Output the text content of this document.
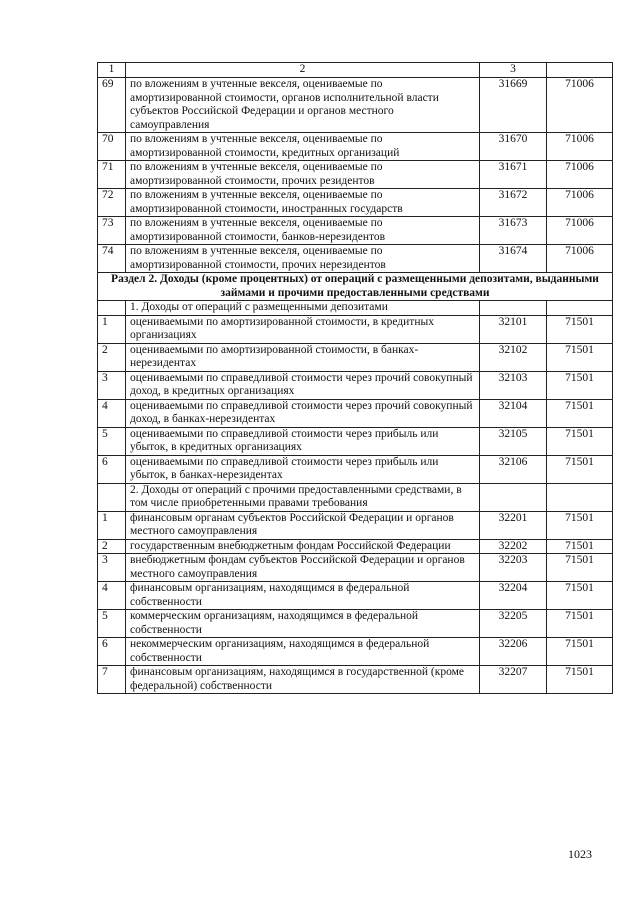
1	2	3	
69	по вложениям в учтенные векселя, оцениваемые по амортизированной стоимости, органов исполнительной власти субъектов Российской Федерации и органов местного самоуправления	31669	71006
70	по вложениям в учтенные векселя, оцениваемые по амортизированной стоимости, кредитных организаций	31670	71006
71	по вложениям в учтенные векселя, оцениваемые по амортизированной стоимости, прочих резидентов	31671	71006
72	по вложениям в учтенные векселя, оцениваемые по амортизированной стоимости, иностранных государств	31672	71006
73	по вложениям в учтенные векселя, оцениваемые по амортизированной стоимости, банков-нерезидентов	31673	71006
74	по вложениям в учтенные векселя, оцениваемые по амортизированной стоимости, прочих нерезидентов	31674	71006
Раздел 2. Доходы (кроме процентных) от операций с размещенными депозитами, выданными займами и прочими предоставленными средствами			
	1. Доходы от операций с размещенными депозитами		
1	оцениваемыми по амортизированной стоимости, в кредитных организациях	32101	71501
2	оцениваемыми по амортизированной стоимости, в банках-нерезидентах	32102	71501
3	оцениваемыми по справедливой стоимости через прочий совокупный доход, в кредитных организациях	32103	71501
4	оцениваемыми по справедливой стоимости через прочий совокупный доход, в банках-нерезидентах	32104	71501
5	оцениваемыми по справедливой стоимости через прибыль или убыток, в кредитных организациях	32105	71501
6	оцениваемыми по справедливой стоимости через прибыль или убыток, в банках-нерезидентах	32106	71501
	2. Доходы от операций с прочими предоставленными средствами, в том числе приобретенными правами требования		
1	финансовым органам субъектов Российской Федерации и органов местного самоуправления	32201	71501
2	государственным внебюджетным фондам Российской Федерации	32202	71501
3	внебюджетным фондам субъектов Российской Федерации и органов местного самоуправления	32203	71501
4	финансовым организациям, находящимся в федеральной собственности	32204	71501
5	коммерческим организациям, находящимся в федеральной собственности	32205	71501
6	некоммерческим организациям, находящимся в федеральной собственности	32206	71501
7	финансовым организациям, находящимся в государственной (кроме федеральной) собственности	32207	71501
1023
